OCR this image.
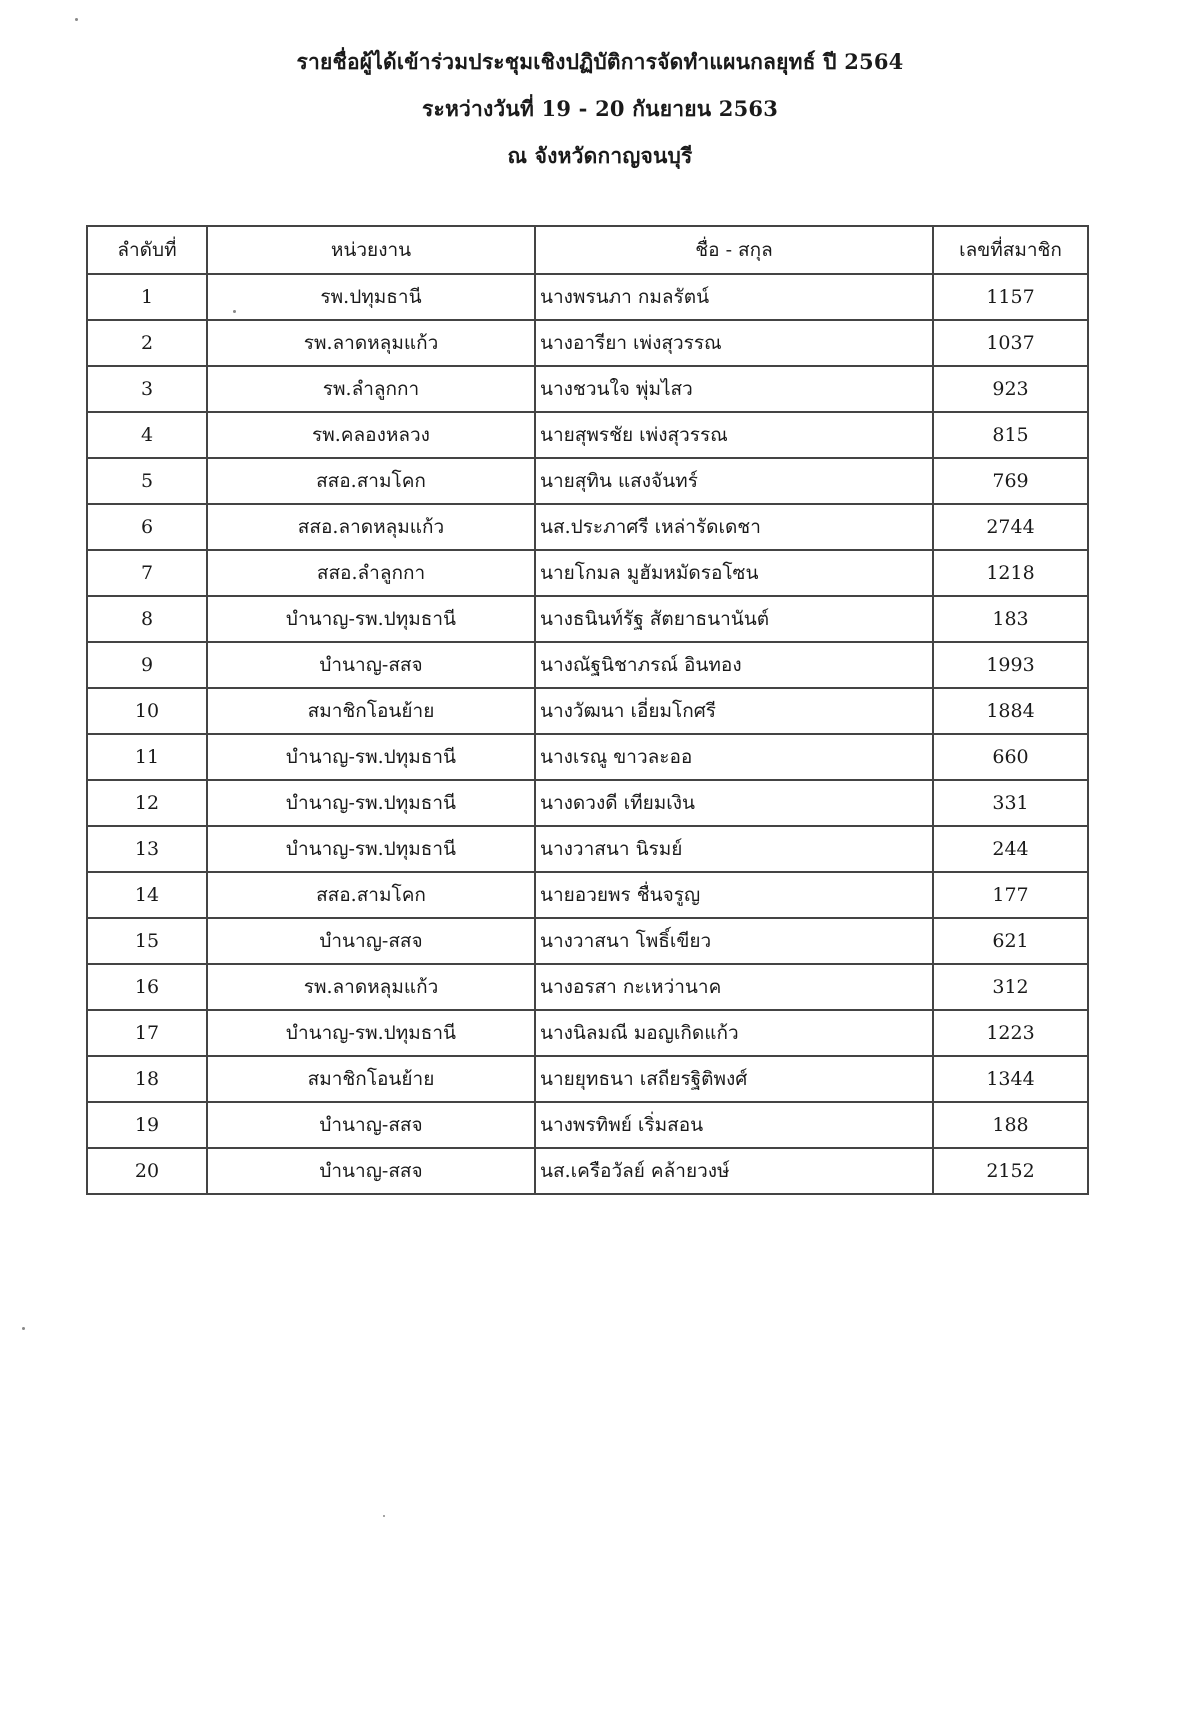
รายชื่อผู้ได้เข้าร่วมประชุมเชิงปฏิบัติการจัดทำแผนกลยุทธ์ ปี 2564
ระหว่างวันที่ 19 - 20 กันยายน 2563
ณ จังหวัดกาญจนบุรี
ลำดับที่	หน่วยงาน	ชื่อ - สกุล	เลขที่สมาชิก
1	รพ.ปทุมธานี	นางพรนภา กมลรัตน์	1157
2	รพ.ลาดหลุมแก้ว	นางอารียา เพ่งสุวรรณ	1037
3	รพ.ลำลูกกา	นางชวนใจ พุ่มไสว	923
4	รพ.คลองหลวง	นายสุพรชัย เพ่งสุวรรณ	815
5	สสอ.สามโคก	นายสุทิน แสงจันทร์	769
6	สสอ.ลาดหลุมแก้ว	นส.ประภาศรี เหล่ารัดเดชา	2744
7	สสอ.ลำลูกกา	นายโกมล มูฮัมหมัดรอโซน	1218
8	บำนาญ-รพ.ปทุมธานี	นางธนินท์รัฐ สัตยาธนานันต์	183
9	บำนาญ-สสจ	นางณัฐนิชาภรณ์ อินทอง	1993
10	สมาชิกโอนย้าย	นางวัฒนา เอี่ยมโกศรี	1884
11	บำนาญ-รพ.ปทุมธานี	นางเรณู ขาวละออ	660
12	บำนาญ-รพ.ปทุมธานี	นางดวงดี เทียมเงิน	331
13	บำนาญ-รพ.ปทุมธานี	นางวาสนา นิรมย์	244
14	สสอ.สามโคก	นายอวยพร ชื่นจรูญ	177
15	บำนาญ-สสจ	นางวาสนา โพธิ์เขียว	621
16	รพ.ลาดหลุมแก้ว	นางอรสา กะเหว่านาค	312
17	บำนาญ-รพ.ปทุมธานี	นางนิลมณี มอญเกิดแก้ว	1223
18	สมาชิกโอนย้าย	นายยุทธนา เสถียรฐิติพงศ์	1344
19	บำนาญ-สสจ	นางพรทิพย์ เริ่มสอน	188
20	บำนาญ-สสจ	นส.เครือวัลย์ คล้ายวงษ์	2152
